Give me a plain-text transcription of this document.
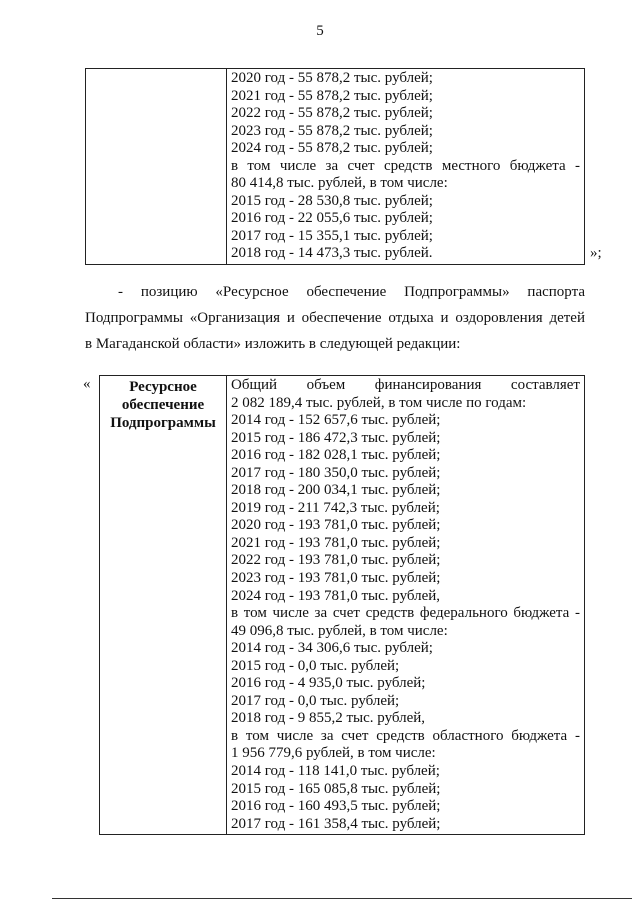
5

2020 год - 55 878,2 тыс. рублей;
2021 год - 55 878,2 тыс. рублей;
2022 год - 55 878,2 тыс. рублей;
2023 год - 55 878,2 тыс. рублей;
2024 год - 55 878,2 тыс. рублей;
в том числе за счет средств местного бюджета -
80 414,8 тыс. рублей, в том числе:
2015 год - 28 530,8 тыс. рублей;
2016 год - 22 055,6 тыс. рублей;
2017 год - 15 355,1 тыс. рублей;
2018 год - 14 473,3 тыс. рублей.	»;
- позицию «Ресурсное обеспечение Подпрограммы» паспорта
Подпрограммы «Организация и обеспечение отдыха и оздоровления детей
в Магаданской области» изложить в следующей редакции:
«	Ресурсное
обеспечение
Подпрограммы

Общий объем финансирования составляет
2 082 189,4 тыс. рублей, в том числе по годам:
2014 год - 152 657,6 тыс. рублей;
2015 год - 186 472,3 тыс. рублей;
2016 год - 182 028,1 тыс. рублей;
2017 год - 180 350,0 тыс. рублей;
2018 год - 200 034,1 тыс. рублей;
2019 год - 211 742,3 тыс. рублей;
2020 год - 193 781,0 тыс. рублей;
2021 год - 193 781,0 тыс. рублей;
2022 год - 193 781,0 тыс. рублей;
2023 год - 193 781,0 тыс. рублей;
2024 год - 193 781,0 тыс. рублей,
в том числе за счет средств федерального бюджета -
49 096,8 тыс. рублей, в том числе:
2014 год - 34 306,6 тыс. рублей;
2015 год - 0,0 тыс. рублей;
2016 год - 4 935,0 тыс. рублей;
2017 год - 0,0 тыс. рублей;
2018 год - 9 855,2 тыс. рублей,
в том числе за счет средств областного бюджета -
1 956 779,6 рублей, в том числе:
2014 год - 118 141,0 тыс. рублей;
2015 год - 165 085,8 тыс. рублей;
2016 год - 160 493,5 тыс. рублей;
2017 год - 161 358,4 тыс. рублей;
